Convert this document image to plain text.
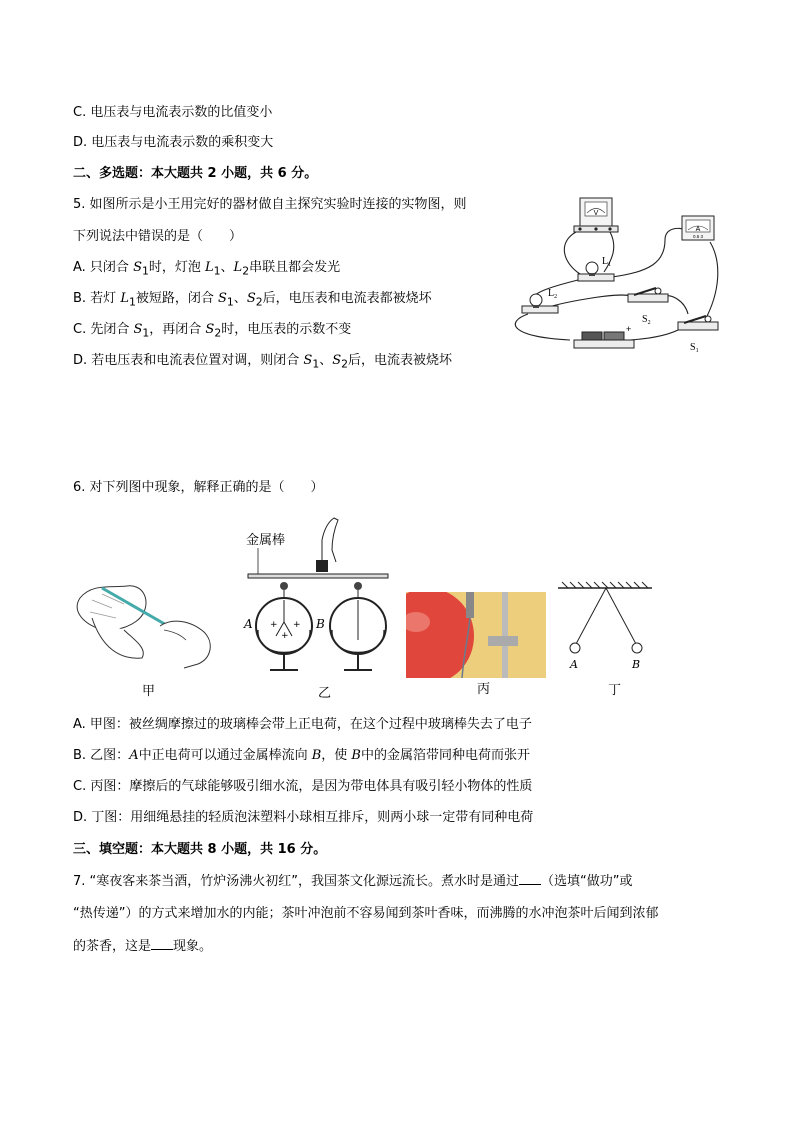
C. 电压表与电流表示数的比值变小
D. 电压表与电流表示数的乘积变大
二、多选题：本大题共 2 小题，共 6 分。
5. 如图所示是小王用完好的器材做自主探究实验时连接的实物图，则
下列说法中错误的是（　　）
A. 只闭合 $S_1$时，灯泡 $L_1$、$L_2$串联且都会发光
B. 若灯 $L_1$被短路，闭合 $S_1$、$S_2$后，电压表和电流表都被烧坏
C. 先闭合 $S_1$，再闭合 $S_2$时，电压表的示数不变
D. 若电压表和电流表位置对调，则闭合 $S_1$、$S_2$后，电流表被烧坏
V
A
0.6 3
$L_1$
$L_2$
$S_2$
$S_1$
+
6. 对下列图中现象，解释正确的是（　　）
甲
金属棒
+ +
+
A	B
乙	丙
A	B
丁
A. 甲图：被丝绸摩擦过的玻璃棒会带上正电荷，在这个过程中玻璃棒失去了电子
B. 乙图：A中正电荷可以通过金属棒流向 B，使 B中的金属箔带同种电荷而张开
C. 丙图：摩擦后的气球能够吸引细水流，是因为带电体具有吸引轻小物体的性质
D. 丁图：用细绳悬挂的轻质泡沫塑料小球相互排斥，则两小球一定带有同种电荷
三、填空题：本大题共 8 小题，共 16 分。
7. “寒夜客来茶当酒，竹炉汤沸火初红”，我国茶文化源远流长。煮水时是通过 （选填“做功”或
“热传递”）的方式来增加水的内能；茶叶冲泡前不容易闻到茶叶香味，而沸腾的水冲泡茶叶后闻到浓郁
的茶香，这是 现象。
